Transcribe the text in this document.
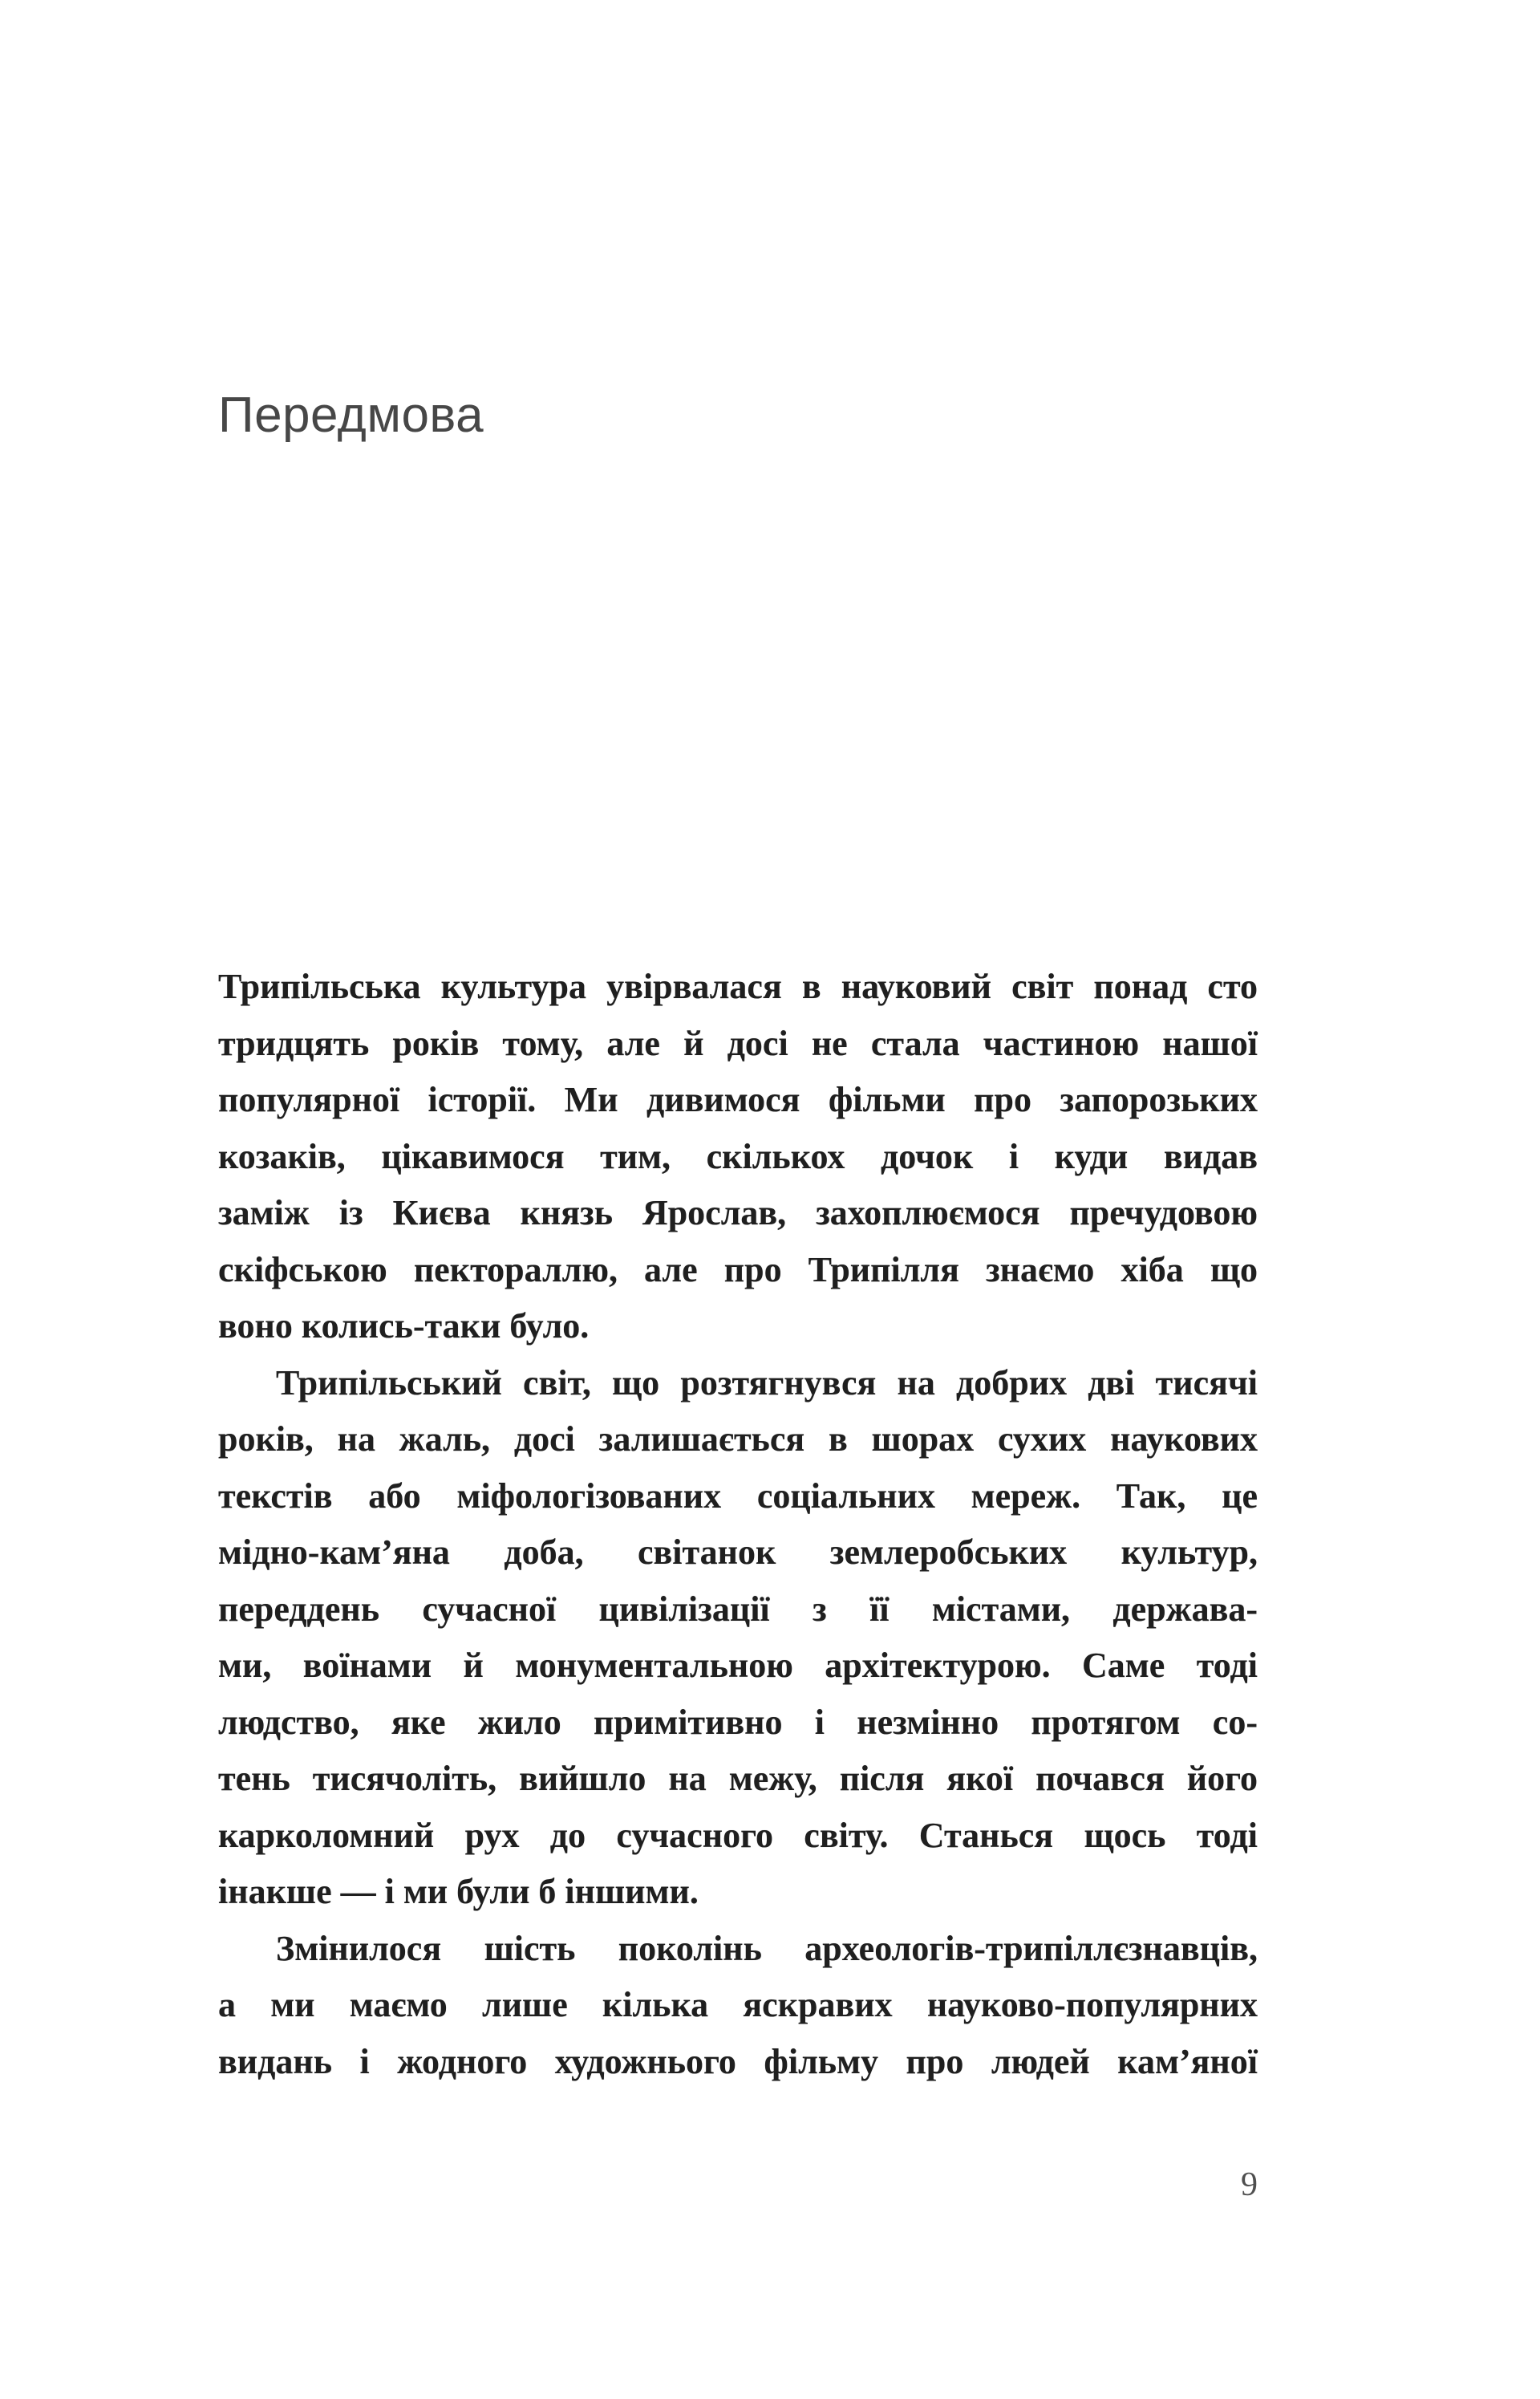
Передмова
Трипільська культура увірвалася в науковий світ понад сто
тридцять років тому, але й досі не стала частиною нашої
популярної історії. Ми дивимося фільми про запорозьких
козаків, цікавимося тим, скількох дочок і куди видав
заміж із Києва князь Ярослав, захоплюємося пречудовою
скіфською пектораллю, але про Трипілля знаємо хіба що
воно колись-таки було.
Трипільський світ, що розтягнувся на добрих дві тисячі
років, на жаль, досі залишається в шорах сухих наукових
текстів або міфологізованих соціальних мереж. Так, це
мідно-кам’яна доба, світанок землеробських культур,
переддень сучасної цивілізації з її містами, держава-
ми, воїнами й монументальною архітектурою. Саме тоді
людство, яке жило примітивно і незмінно протягом со-
тень тисячоліть, вийшло на межу, після якої почався його
карколомний рух до сучасного світу. Станься щось тоді
інакше — і ми були б іншими.
Змінилося шість поколінь археологів-трипіллєзнавців,
а ми маємо лише кілька яскравих науково-популярних
видань і жодного художнього фільму про людей кам’яної
9
